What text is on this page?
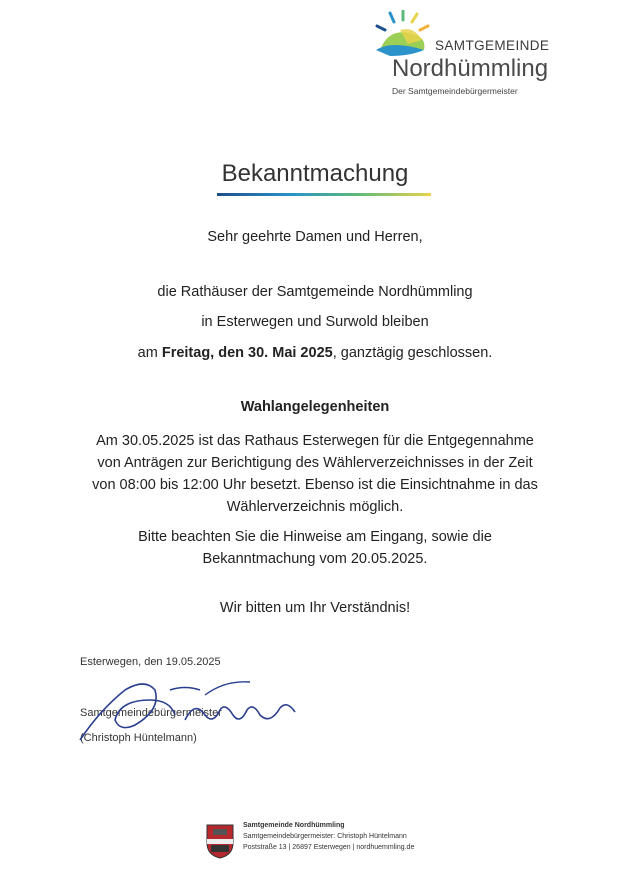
SAMTGEMEINDE
Nordhümmling
Der Samtgemeindebürgermeister
Bekanntmachung
Sehr geehrte Damen und Herren,
die Rathäuser der Samtgemeinde Nordhümmling
in Esterwegen und Surwold bleiben
am Freitag, den 30. Mai 2025, ganztägig geschlossen.
Wahlangelegenheiten
Am 30.05.2025 ist das Rathaus Esterwegen für die Entgegennahme
von Anträgen zur Berichtigung des Wählerverzeichnisses in der Zeit
von 08:00 bis 12:00 Uhr besetzt. Ebenso ist die Einsichtnahme in das
Wählerverzeichnis möglich.
Bitte beachten Sie die Hinweise am Eingang, sowie die
Bekanntmachung vom 20.05.2025.
Wir bitten um Ihr Verständnis!
Esterwegen, den 19.05.2025
Samtgemeindebürgermeister
(Christoph Hüntelmann)
Samtgemeinde Nordhümmling
Samtgemeindebürgermeister: Christoph Hüntelmann
Poststraße 13 | 26897 Esterwegen | nordhuemmling.de
